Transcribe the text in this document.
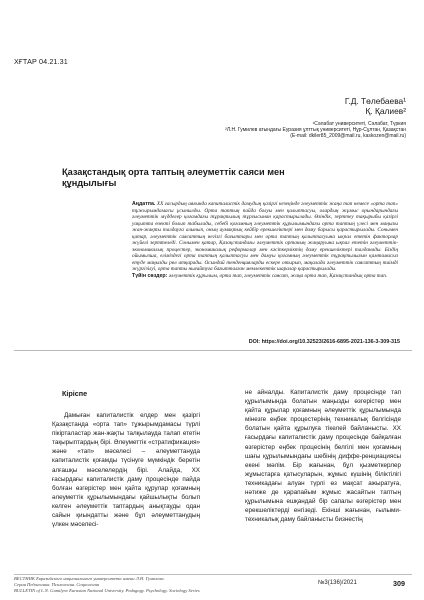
ХҒТАР 04.21.31
Г.Д. Төлебаева¹
Қ. Қалиев²
¹Сәлабат университеті, Сәлабат, Түркия
²Л.Н. Гумилев атындағы Еуразия ұлттық университеті, Нұр-Сұлтан, Қазақстан
(E-mail: dkiler85_2009@mail.ru, kaskozen@mail.ru)
Қазақстандық орта таптың әлеуметтік саяси мен
құндылығы

Аңдатпа. ХХ ғасырдың аяғында капиталистік дамудың қазіргі кезеңінде әлеуметтік жаңа тап немесе «орта тап» тұжырымдамасы ұсынылды. Орта таптың пайда болуы мен қалыптасуы, олардың жұмыс орындарындағы әлеуметтік мүдделер қоғамдағы тұрақтылық тұрғысынан қарастырылады. Өзіндік, зерттеу тақырыбы қазіргі уақытта өзекті болып табылады, себебі қоғамның әлеуметтік құрылымындағы орта таптың үлесі мен маңызы жан-жақты талдауға алынып, оның аумақтық кейбір ерекшеліктері мен даму барысы қарастырылады. Сонымен қатар, әлеуметтік саясаттың негізгі бағыттары мен орта таптың қалыптасуына ықпал ететін факторлар жүйелі зерттеледі. Сонымен қатар, Қазақстандағы әлеуметтік ортаның жаңаруына ықпал ететін әлеуметтік-экономикалық процестер, экономикалық реформалар мен кәсіпкерліктің даму ерекшеліктері талданады. Біздің ойымызша, еліміздегі орта таптың қалыптасуы мен дамуы қоғамның әлеуметтік тұрақтылығын қамтамасыз етуде маңызды рөл атқарады. Осындай тенденцияларды ескере отырып, мақалада әлеуметтік саясаттың тиімді жүргізілуі, орта тапты нығайтуға бағытталған мемлекеттік шаралар қарастырылады.

Түйін сөздер: әлеуметтік құрылым, орта тап, әлеуметтік саясат, жаңа орта тап, Қазақстандық орта тап.

DOI: https://doi.org/10.32523/2616-6895-2021-136-3-309-315
Кіріспе

Дамыған капиталистік елдер мен қазіргі Қазақстанда «орта тап» тұжырымдамасы түрлі пікірталастар жан-жақты талқылауда талап ететін тақырыптардың бірі. Әлеуметтік «стратификация» және «тап» мәселесі – әлеуметтануда капиталистік қоғамды түсінуге мүмкіндік беретін алғашқы мәселелердің бірі. Алайда, ХХ ғасырдағы капиталистік даму процесінде пайда болған өзгерістер мен қайта құрулар қоғамның әлеуметтік құрылымындағы қайшылықты болып келген әлеуметтік таптардың анықтауды одан сайын қиындатты және бұл әлеуметтанудың үлкен мәселесі-

не айналды. Капиталистік даму процесінде тап құрылымында болатын маңызды өзгерістер мен қайта құрылар қоғамның әлеуметтік құрылымында мінезге еңбек процестерінің техникалық белгісінде болатын қайта құрылуға тікелей байланысты. ХХ ғасырдағы капиталистік даму процесінде байқалған өзгерістер еңбек процесінің белгілі мен қоғамның шағы құрылымындағы шебінің диффе-ренциациясы екені мәлім. Бір жағынан, бұл қызметкерлер жұмыстарға қатысуларын, жұмыс күшінің біліктілігі техникадағы алуан түрлі өз мақсат ажыратуға, нәтиже де қарапайым жұмыс жасайтын таптың құрылымына ешқандай бір сапалы өзгерістер мен ерекшеліктерді енгізеді. Екінші жағынан, ғылыми-техникалық даму байланысты бизнестің

ВЕСТНИК Евразийского национального университета имени Л.Н. Гумилева.
Серия Педагогика. Психология. Социология
BULLETIN of L.N. Gumilyov Eurasian National University. Pedagogy. Psychology. Sociology Series
№3(136)/2021	309
